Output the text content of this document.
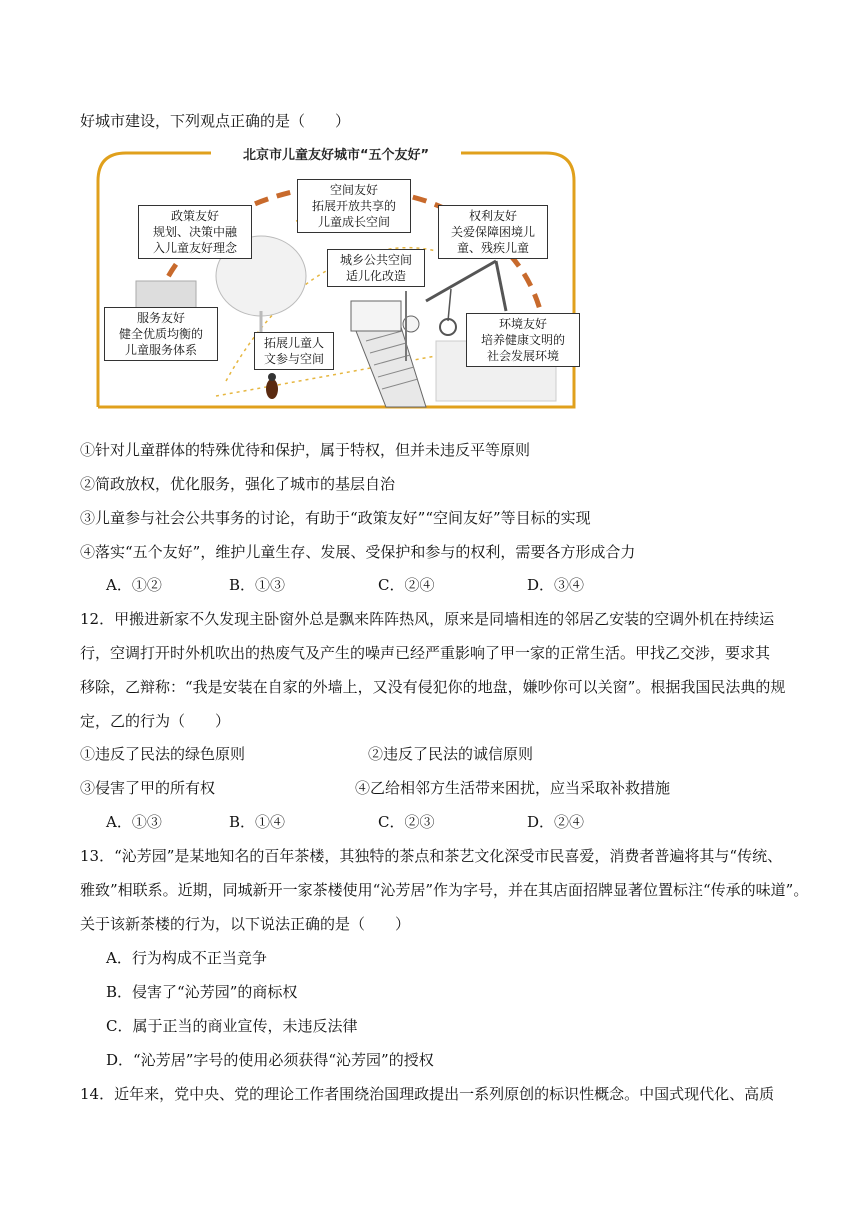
好城市建设，下列观点正确的是（　　）
北京市儿童友好城市“五个友好”
空间友好
拓展开放共享的
儿童成长空间
政策友好
规划、决策中融
入儿童友好理念
权利友好
关爱保障困境儿
童、残疾儿童
城乡公共空间
适儿化改造
服务友好
健全优质均衡的
儿童服务体系	拓展儿童人
文参与空间
环境友好
培养健康文明的
社会发展环境
①针对儿童群体的特殊优待和保护，属于特权，但并未违反平等原则
②简政放权，优化服务，强化了城市的基层自治
③儿童参与社会公共事务的讨论，有助于“政策友好”“空间友好”等目标的实现
④落实“五个友好”，维护儿童生存、发展、受保护和参与的权利，需要各方形成合力
A．①②	B．①③	C．②④	D．③④
12．甲搬进新家不久发现主卧窗外总是飘来阵阵热风，原来是同墙相连的邻居乙安装的空调外机在持续运
行，空调打开时外机吹出的热废气及产生的噪声已经严重影响了甲一家的正常生活。甲找乙交涉，要求其
移除，乙辩称：“我是安装在自家的外墙上，又没有侵犯你的地盘，嫌吵你可以关窗”。根据我国民法典的规
定，乙的行为（　　）
①违反了民法的绿色原则	②违反了民法的诚信原则
③侵害了甲的所有权	④乙给相邻方生活带来困扰，应当采取补救措施
A．①③	B．①④	C．②③	D．②④
13．“沁芳园”是某地知名的百年茶楼，其独特的茶点和茶艺文化深受市民喜爱，消费者普遍将其与“传统、
雅致”相联系。近期，同城新开一家茶楼使用“沁芳居”作为字号，并在其店面招牌显著位置标注“传承的味道”。
关于该新茶楼的行为，以下说法正确的是（　　）
A．行为构成不正当竞争
B．侵害了“沁芳园”的商标权
C．属于正当的商业宣传，未违反法律
D．“沁芳居”字号的使用必须获得“沁芳园”的授权
14．近年来，党中央、党的理论工作者围绕治国理政提出一系列原创的标识性概念。中国式现代化、高质
